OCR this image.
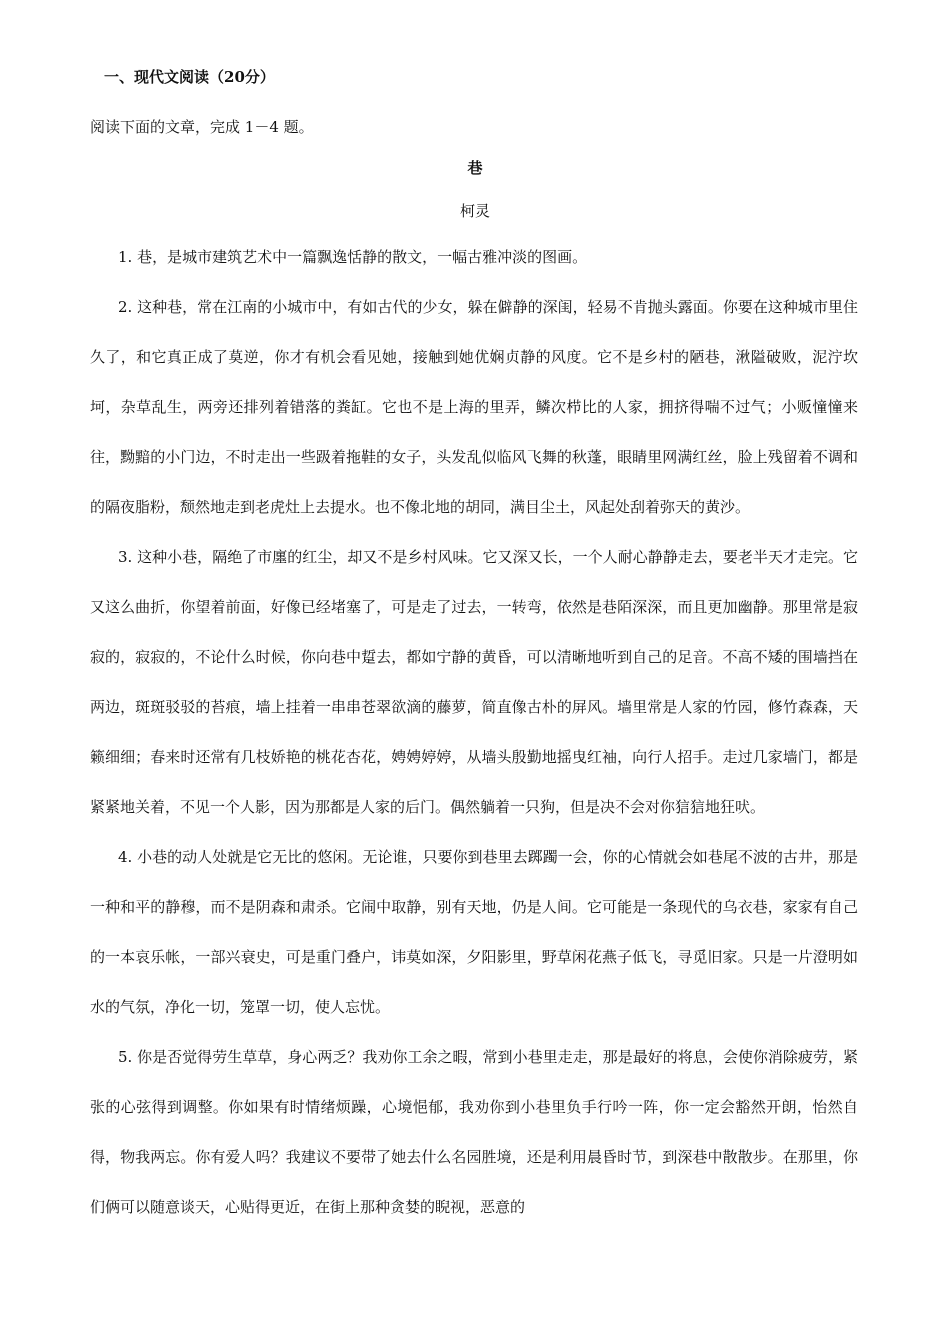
一、现代文阅读（20分）
阅读下面的文章，完成 1－4 题。
巷
柯灵

1. 巷，是城市建筑艺术中一篇飘逸恬静的散文，一幅古雅冲淡的图画。

2. 这种巷，常在江南的小城市中，有如古代的少女，躲在僻静的深闺，轻易不肯抛头露面。你要在这种城市里住久了，和它真正成了莫逆，你才有机会看见她，接触到她优娴贞静的风度。它不是乡村的陋巷，湫隘破败，泥泞坎坷，杂草乱生，两旁还排列着错落的粪缸。它也不是上海的里弄，鳞次栉比的人家，拥挤得喘不过气；小贩憧憧来往，黝黯的小门边，不时走出一些趿着拖鞋的女子，头发乱似临风飞舞的秋蓬，眼睛里网满红丝，脸上残留着不调和的隔夜脂粉，颓然地走到老虎灶上去提水。也不像北地的胡同，满目尘土，风起处刮着弥天的黄沙。

3. 这种小巷，隔绝了市廛的红尘，却又不是乡村风味。它又深又长，一个人耐心静静走去，要老半天才走完。它又这么曲折，你望着前面，好像已经堵塞了，可是走了过去，一转弯，依然是巷陌深深，而且更加幽静。那里常是寂寂的，寂寂的，不论什么时候，你向巷中踅去，都如宁静的黄昏，可以清晰地听到自己的足音。不高不矮的围墙挡在两边，斑斑驳驳的苔痕，墙上挂着一串串苍翠欲滴的藤萝，简直像古朴的屏风。墙里常是人家的竹园，修竹森森，天籁细细；春来时还常有几枝娇艳的桃花杏花，娉娉婷婷，从墙头殷勤地摇曳红袖，向行人招手。走过几家墙门，都是紧紧地关着，不见一个人影，因为那都是人家的后门。偶然躺着一只狗，但是决不会对你狺狺地狂吠。

4. 小巷的动人处就是它无比的悠闲。无论谁，只要你到巷里去踯躅一会，你的心情就会如巷尾不波的古井，那是一种和平的静穆，而不是阴森和肃杀。它闹中取静，别有天地，仍是人间。它可能是一条现代的乌衣巷，家家有自己的一本哀乐帐，一部兴衰史，可是重门叠户，讳莫如深，夕阳影里，野草闲花燕子低飞，寻觅旧家。只是一片澄明如水的气氛，净化一切，笼罩一切，使人忘忧。

5. 你是否觉得劳生草草，身心两乏？我劝你工余之暇，常到小巷里走走，那是最好的将息，会使你消除疲劳，紧张的心弦得到调整。你如果有时情绪烦躁，心境悒郁，我劝你到小巷里负手行吟一阵，你一定会豁然开朗，怡然自得，物我两忘。你有爱人吗？我建议不要带了她去什么名园胜境，还是利用晨昏时节，到深巷中散散步。在那里，你们俩可以随意谈天，心贴得更近，在街上那种贪婪的睨视，恶意的
